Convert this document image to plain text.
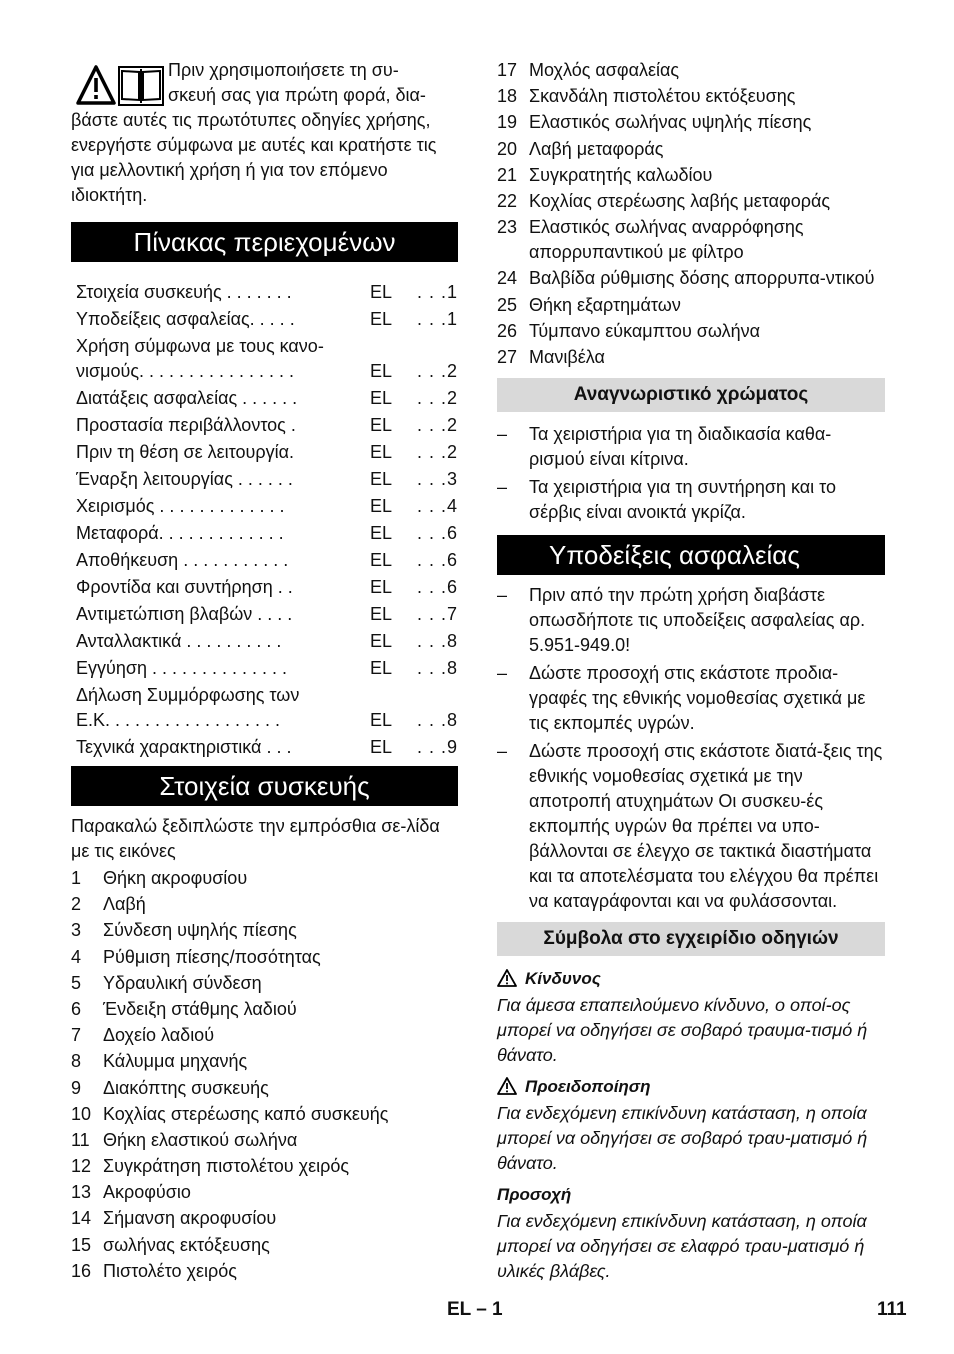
Πριν χρησιμοποιήσετε τη συ-
σκευή σας για πρώτη φορά, δια-
βάστε αυτές τις πρωτότυπες οδηγίες χρήσης, ενεργήστε σύμφωνα με αυτές και κρατήστε τις για μελλοντική χρήση ή για τον επόμενο ιδιοκτήτη.

Πίνακας περιεχομένων
Στοιχεία συσκευής . . . . . . .	EL	. . .1
Υποδείξεις ασφαλείας. . . . .	EL	. . .1
Χρήση σύμφωνα με τους κανο-
νισμούς. . . . . . . . . . . . . . . .	EL	. . .2
Διατάξεις ασφαλείας . . . . . .	EL	. . .2
Προστασία περιβάλλοντος .	EL	. . .2
Πριν τη θέση σε λειτουργία.	EL	. . .2
Έναρξη λειτουργίας . . . . . .	EL	. . .3
Χειρισμός . . . . . . . . . . . . .	EL	. . .4
Μεταφορά. . . . . . . . . . . . .	EL	. . .6
Αποθήκευση . . . . . . . . . . .	EL	. . .6
Φροντίδα και συντήρηση . .	EL	. . .6
Αντιμετώπιση βλαβών . . . .	EL	. . .7
Ανταλλακτικά . . . . . . . . . .	EL	. . .8
Εγγύηση . . . . . . . . . . . . . .	EL	. . .8
Δήλωση Συμμόρφωσης των
Ε.Κ. . . . . . . . . . . . . . . . . .	EL	. . .8
Τεχνικά χαρακτηριστικά . . .	EL	. . .9
Στοιχεία συσκευής

Παρακαλώ ξεδιπλώστε την εμπρόσθια σε-λίδα με τις εικόνες

1	Θήκη ακροφυσίου
2	Λαβή
3	Σύνδεση υψηλής πίεσης
4	Ρύθμιση πίεσης/ποσότητας
5	Υδραυλική σύνδεση
6	Ένδειξη στάθμης λαδιού
7	Δοχείο λαδιού
8	Κάλυμμα μηχανής
9	Διακόπτης συσκευής
10 Κοχλίας στερέωσης καπό συσκευής
11 Θήκη ελαστικού σωλήνα
12 Συγκράτηση πιστολέτου χειρός
13 Ακροφύσιο
14 Σήμανση ακροφυσίου
15 σωλήνας εκτόξευσης
16 Πιστολέτο χειρός
17 Μοχλός ασφαλείας
18 Σκανδάλη πιστολέτου εκτόξευσης
19 Ελαστικός σωλήνας υψηλής πίεσης
20 Λαβή μεταφοράς
21 Συγκρατητής καλωδίου
22 Κοχλίας στερέωσης λαβής μεταφοράς
23 Ελαστικός σωλήνας αναρρόφησης απορρυπαντικού με φίλτρο
24 Βαλβίδα ρύθμισης δόσης απορρυπα-ντικού
25 Θήκη εξαρτημάτων
26 Τύμπανο εύκαμπτου σωλήνα
27 Μανιβέλα
Αναγνωριστικό χρώματος
–	Τα χειριστήρια για τη διαδικασία καθα-ρισμού είναι κίτρινα.
–	Τα χειριστήρια για τη συντήρηση και το σέρβις είναι ανοικτά γκρίζα.
Υποδείξεις ασφαλείας
–	Πριν από την πρώτη χρήση διαβάστε οπωσδήποτε τις υποδείξεις ασφαλείας αρ. 5.951-949.0!
–	Δώστε προσοχή στις εκάστοτε προδια-γραφές της εθνικής νομοθεσίας σχετικά με τις εκπομπές υγρών.
–	Δώστε προσοχή στις εκάστοτε διατά-ξεις της εθνικής νομοθεσίας σχετικά με την αποτροπή ατυχημάτων Οι συσκευ-ές εκπομπής υγρών θα πρέπει να υπο-βάλλονται σε έλεγχο σε τακτικά διαστήματα και τα αποτελέσματα του ελέγχου θα πρέπει να καταγράφονται και να φυλάσσονται.
Σύμβολα στο εγχειρίδιο οδηγιών
Κίνδυνος

Για άμεσα επαπειλούμενο κίνδυνο, ο οποί-ος μπορεί να οδηγήσει σε σοβαρό τραυμα-τισμό ή θάνατο.

Προειδοποίηση

Για ενδεχόμενη επικίνδυνη κατάσταση, η οποία μπορεί να οδηγήσει σε σοβαρό τραυ-ματισμό ή θάνατο.

Προσοχή

Για ενδεχόμενη επικίνδυνη κατάσταση, η οποία μπορεί να οδηγήσει σε ελαφρό τραυ-ματισμό ή υλικές βλάβες.

EL – 1	111
